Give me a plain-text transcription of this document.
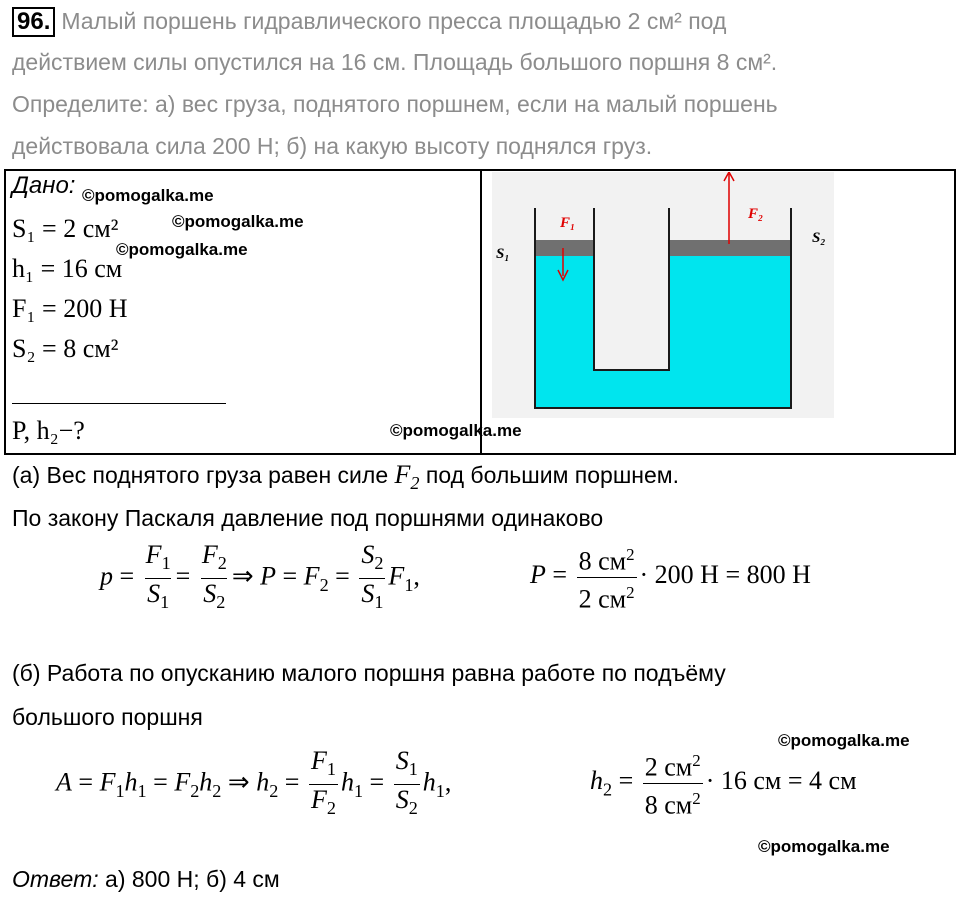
96. Малый поршень гидравлического пресса площадью 2 см² под
действием силы опустился на 16 см. Площадь большого поршня 8 см².
Определите: а) вес груза, поднятого поршнем, если на малый поршень
действовала сила 200 Н; б) на какую высоту поднялся груз.
Дано:
S₁ = 2 см²
h₁ = 16 см
F₁ = 200 Н
S₂ = 8 см²
P, h₂−?
©pomogalka.me
©pomogalka.me
©pomogalka.me
©pomogalka.me
©pomogalka.me
©pomogalka.me
F₁
F₂
S₁
S₂
(а) Вес поднятого груза равен силе $F_2$ под большим поршнем.
По закону Паскаля давление под поршнями одинаково
$p = \frac{F_1}{S_1} = \frac{F_2}{S_2}$ ⇒ $P = F_2 = \frac{S_2}{S_1} F_1$,	$P = \frac{8 см^2}{2 см^2} \cdot 200$ Н = 800 Н
(б) Работа по опусканию малого поршня равна работе по подъёму
большого поршня
$A = F_1h_1 = F_2h_2$ ⇒ $h_2 = \frac{F_1}{F_2} h_1 = \frac{S_1}{S_2} h_1$,	$h_2 = \frac{2 см^2}{8 см^2} \cdot 16$ см = 4 см
Ответ: а) 800 Н; б) 4 см
